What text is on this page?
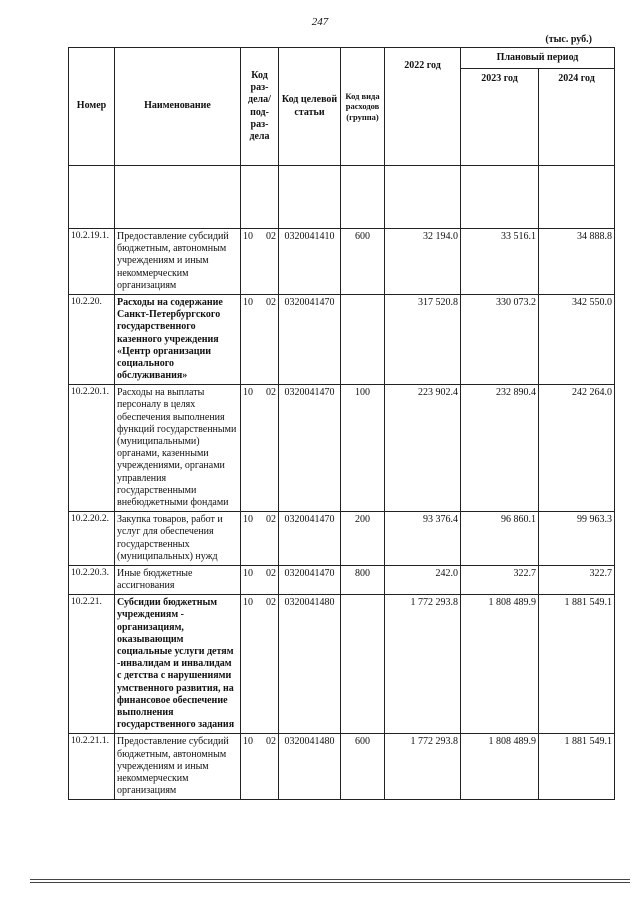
247
(тыс. руб.)
Номер	Наименование	Код раз-дела/ под-раз-дела	Код целевой статьи	Код вида расходов (группа)	2022 год	Плановый период	
						2023 год	2024 год

10.2.19.1.	Предоставление субсидий бюджетным, автономным учреждениям и иным некоммерческим организациям	10 02	0320041410	600	32 194.0	33 516.1	34 888.8
10.2.20.	Расходы на содержание Санкт-Петербургского государственного казенного учреждения «Центр организации социального обслуживания»	10 02	0320041470		317 520.8	330 073.2	342 550.0
10.2.20.1.	Расходы на выплаты персоналу в целях обеспечения выполнения функций государственными (муниципальными) органами, казенными учреждениями, органами управления государственными внебюджетными фондами	10 02	0320041470	100	223 902.4	232 890.4	242 264.0
10.2.20.2.	Закупка товаров, работ и услуг для обеспечения государственных (муниципальных) нужд	10 02	0320041470	200	93 376.4	96 860.1	99 963.3
10.2.20.3.	Иные бюджетные ассигнования	10 02	0320041470	800	242.0	322.7	322.7
10.2.21.	Субсидии бюджетным учреждениям - организациям, оказывающим социальные услуги детям -инвалидам и инвалидам с детства с нарушениями умственного развития, на финансовое обеспечение выполнения государственного задания	10 02	0320041480		1 772 293.8	1 808 489.9	1 881 549.1
10.2.21.1.	Предоставление субсидий бюджетным, автономным учреждениям и иным некоммерческим организациям	10 02	0320041480	600	1 772 293.8	1 808 489.9	1 881 549.1
